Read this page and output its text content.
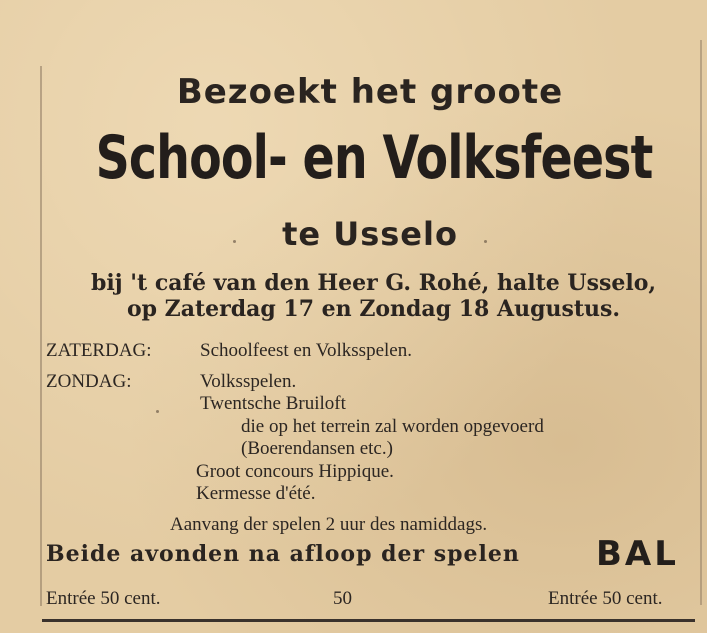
Bezoekt het groote
School- en Volksfeest
te Usselo
bij 't café van den Heer G. Rohé, halte Usselo,
op Zaterdag 17 en Zondag 18 Augustus.
ZATERDAG:	Schoolfeest en Volksspelen.
ZONDAG:	Volksspelen.
Twentsche Bruiloft
die op het terrein zal worden opgevoerd
(Boerendansen etc.)
Groot concours Hippique.
Kermesse d'été.
Aanvang der spelen 2 uur des namiddags.
Beide avonden na afloop der spelen BAL
Entrée 50 cent.	50	Entrée 50 cent.
